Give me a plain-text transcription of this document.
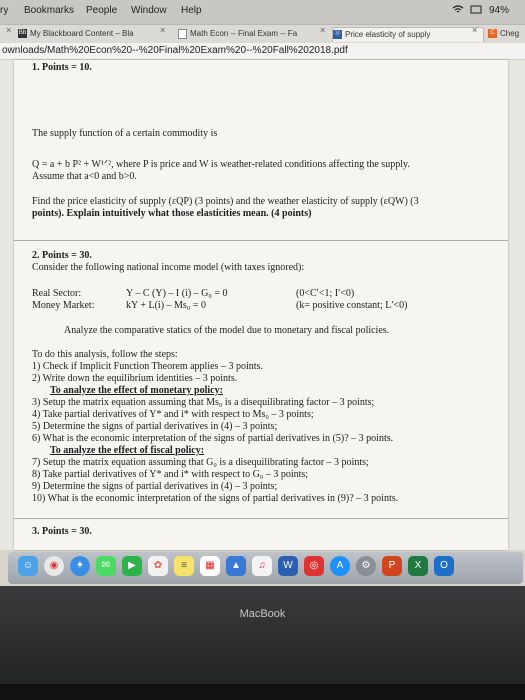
ry Bookmarks People Window Help	94%
× Bb My Blackboard Content – Bla	×	Math Econ -- Final Exam -- Fa	×	Ⓑ Price elasticity of supply	×	C Cheg
ownloads/Math%20Econ%20--%20Final%20Exam%20--%20Fall%202018.pdf
1. Points = 10.
The supply function of a certain commodity is
Q = a + b P² + W¹ᐟ², where P is price and W is weather-related conditions affecting the supply.
Assume that a<0 and b>0.
Find the price elasticity of supply (εQP) (3 points) and the weather elasticity of supply (εQW) (3
points). Explain intuitively what those elasticities mean. (4 points)
2. Points = 30.
Consider the following national income model (with taxes ignored):
Real Sector:	Y – C (Y) – I (i) – G₀ = 0	(0<C′<1; I′<0)
Money Market:	kY + L(i) – Ms₀ = 0	(k= positive constant; L′<0)
Analyze the comparative statics of the model due to monetary and fiscal policies.
To do this analysis, follow the steps:
1) Check if Implicit Function Theorem applies – 3 points.
2) Write down the equilibrium identities – 3 points.
To analyze the effect of monetary policy:
3) Setup the matrix equation assuming that Ms₀ is a disequilibrating factor – 3 points;
4) Take partial derivatives of Y* and i* with respect to Ms₀ – 3 points;
5) Determine the signs of partial derivatives in (4) – 3 points;
6) What is the economic interpretation of the signs of partial derivatives in (5)? – 3 points.
To analyze the effect of fiscal policy:
7) Setup the matrix equation assuming that G₀ is a disequilibrating factor – 3 points;
8) Take partial derivatives of Y* and i* with respect to G₀ – 3 points;
9) Determine the signs of partial derivatives in (4) – 3 points;
10) What is the economic interpretation of the signs of partial derivatives in (9)? – 3 points.
3. Points = 30.
☺	◉	✦	✉	▶	✿	≡	▦	▲	♫	W	◎	A	⚙	P	X	O
MacBook
